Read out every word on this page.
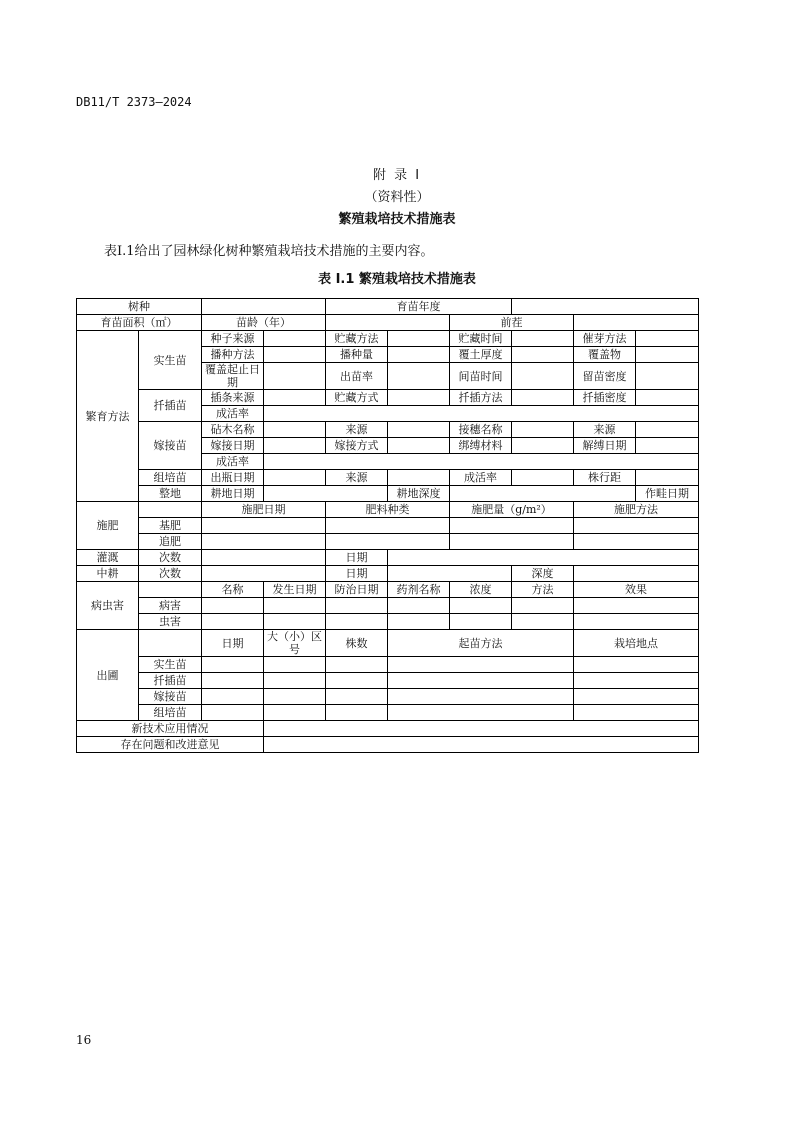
DB11/T 2373—2024
附 录 I
（资料性）
繁殖栽培技术措施表
表I.1给出了园林绿化树种繁殖栽培技术措施的主要内容。
表 I.1 繁殖栽培技术措施表
树种				育苗年度						
育苗面积（㎡）		苗龄（年）				前茬				
繁育方法	实生苗	种子来源		贮藏方法		贮藏时间		催芽方法		
		播种方法		播种量		覆土厚度		覆盖物		
		覆盖起止日期		出苗率		间苗时间		留苗密度		
	扦插苗	插条来源		贮藏方式		扦插方法		扦插密度		
		成活率								
	嫁接苗	砧木名称		来源		接穗名称		来源		
		嫁接日期		嫁接方式		绑缚材料		解缚日期		
		成活率								
	组培苗	出瓶日期		来源		成活率		株行距		
	整地	耕地日期			耕地深度				作畦日期	
施肥		施肥日期		肥料种类		施肥量（g/m²）		施肥方法		
	基肥									
	追肥									
灌溉	次数			日期						
中耕	次数			日期			深度			
病虫害		名称	发生日期	防治日期	药剂名称	浓度	方法	效果		
	病害									
	虫害									
出圃		日期	大（小）区号	株数	起苗方法			栽培地点		
	实生苗									
	扦插苗									
	嫁接苗									
	组培苗									
新技术应用情况										
存在问题和改进意见										
16
